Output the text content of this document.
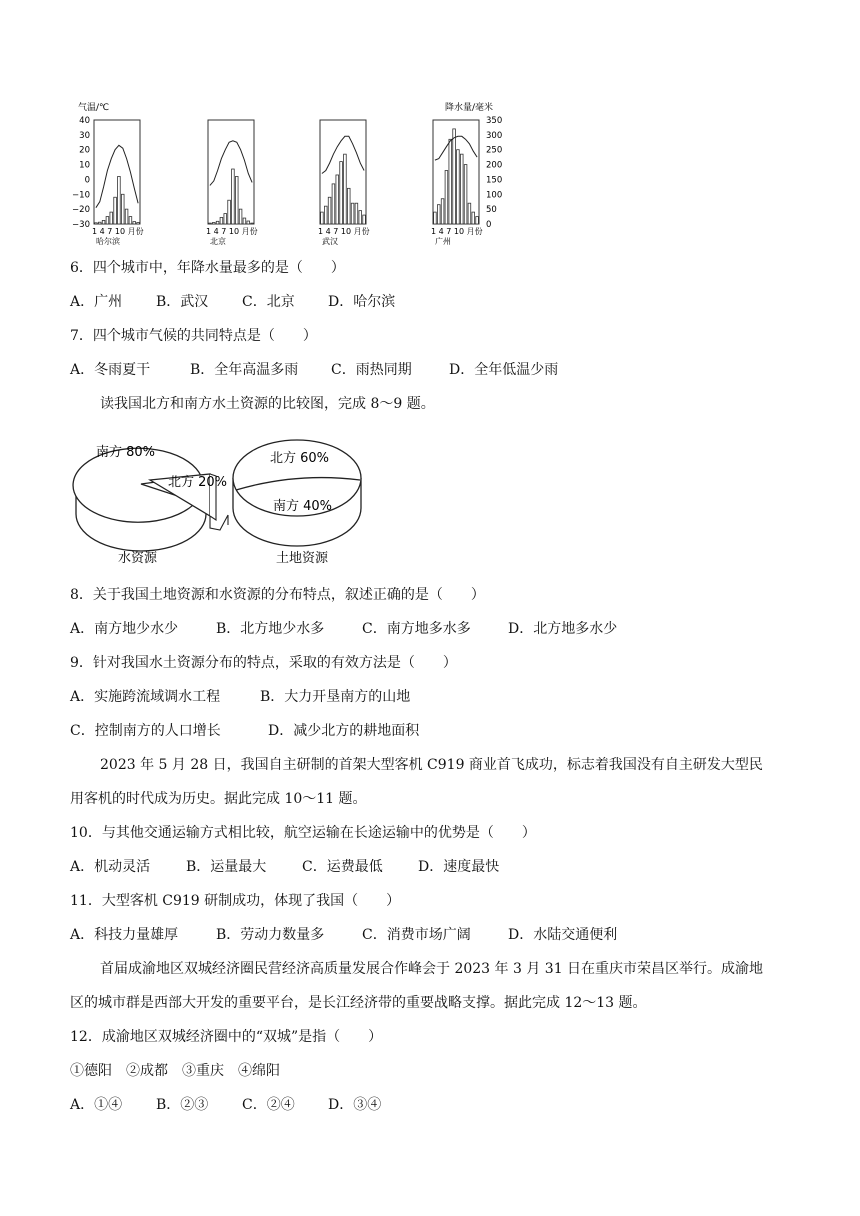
气温/℃	降水量/毫米
40
30
20
10
0
−10
−20
−30
350
300
250
200
150
100
50
0
1 4 7 10 月份
哈尔滨
1 4 7 10 月份
北京
1 4 7 10 月份
武汉
1 4 7 10 月份
广州
6．四个城市中，年降水量最多的是（　　）
A．广州 B．武汉 C．北京 D．哈尔滨
7．四个城市气候的共同特点是（　　）
A．冬雨夏干	B．全年高温多雨 C．雨热同期	D．全年低温少雨
读我国北方和南方水土资源的比较图，完成 8～9 题。
南方 80%
北方 20%
北方 60%
南方 40%
水资源	土地资源
8．关于我国土地资源和水资源的分布特点，叙述正确的是（　　）
A．南方地少水少	B．北方地少水多	C．南方地多水多	D．北方地多水少
9．针对我国水土资源分布的特点，采取的有效方法是（　　）
A．实施跨流域调水工程	B．大力开垦南方的山地
C．控制南方的人口增长	D．减少北方的耕地面积
2023 年 5 月 28 日，我国自主研制的首架大型客机 C919 商业首飞成功，标志着我国没有自主研发大型民
用客机的时代成为历史。据此完成 10～11 题。
10．与其他交通运输方式相比较，航空运输在长途运输中的优势是（　　）
A．机动灵活	B．运量最大	C．运费最低	D．速度最快
11．大型客机 C919 研制成功，体现了我国（　　）
A．科技力量雄厚	B．劳动力数量多	C．消费市场广阔	D．水陆交通便利
首届成渝地区双城经济圈民营经济高质量发展合作峰会于 2023 年 3 月 31 日在重庆市荣昌区举行。成渝地
区的城市群是西部大开发的重要平台，是长江经济带的重要战略支撑。据此完成 12～13 题。
12．成渝地区双城经济圈中的“双城”是指（　　）
①德阳　②成都　③重庆　④绵阳
A．①④ B．②③ C．②④ D．③④
